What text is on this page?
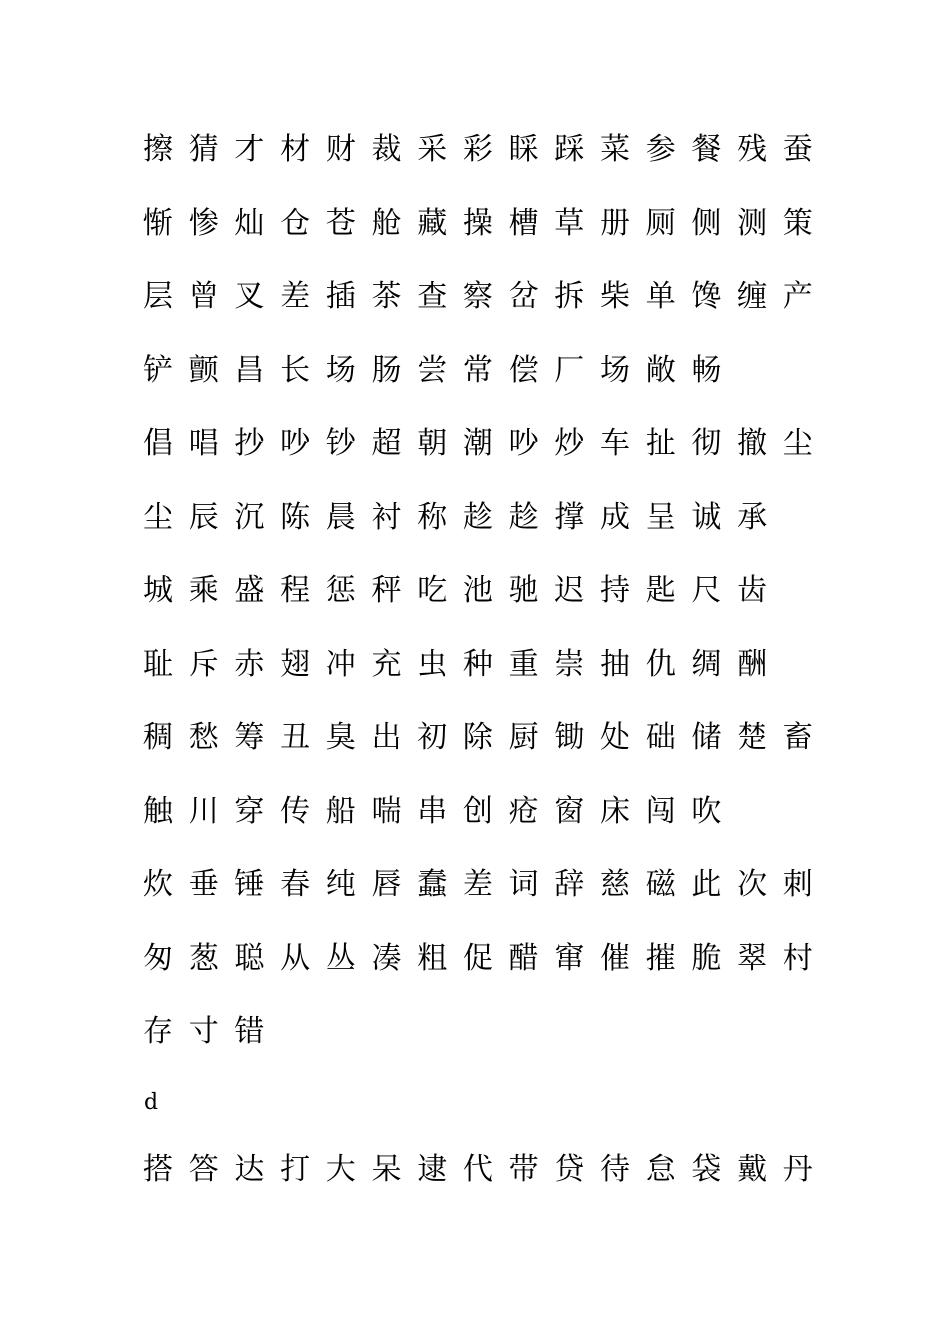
擦 猜 才 材 财 裁 采 彩 睬 踩 菜 参 餐 残 蚕
惭 惨 灿 仓 苍 舱 藏 操 槽 草 册 厕 侧 测 策
层 曾 叉 差 插 茶 查 察 岔 拆 柴 单 馋 缠 产
铲 颤 昌 长 场 肠 尝 常 偿 厂 场 敞 畅
倡 唱 抄 吵 钞 超 朝 潮 吵 炒 车 扯 彻 撤 尘
尘 辰 沉 陈 晨 衬 称 趁 趁 撑 成 呈 诚 承
城 乘 盛 程 惩 秤 吃 池 驰 迟 持 匙 尺 齿
耻 斥 赤 翅 冲 充 虫 种 重 崇 抽 仇 绸 酬
稠 愁 筹 丑 臭 出 初 除 厨 锄 处 础 储 楚 畜
触 川 穿 传 船 喘 串 创 疮 窗 床 闯 吹
炊 垂 锤 春 纯 唇 蠢 差 词 辞 慈 磁 此 次 刺
匆 葱 聪 从 丛 凑 粗 促 醋 窜 催 摧 脆 翠 村
存 寸 错
d
搭 答 达 打 大 呆 逮 代 带 贷 待 怠 袋 戴 丹
